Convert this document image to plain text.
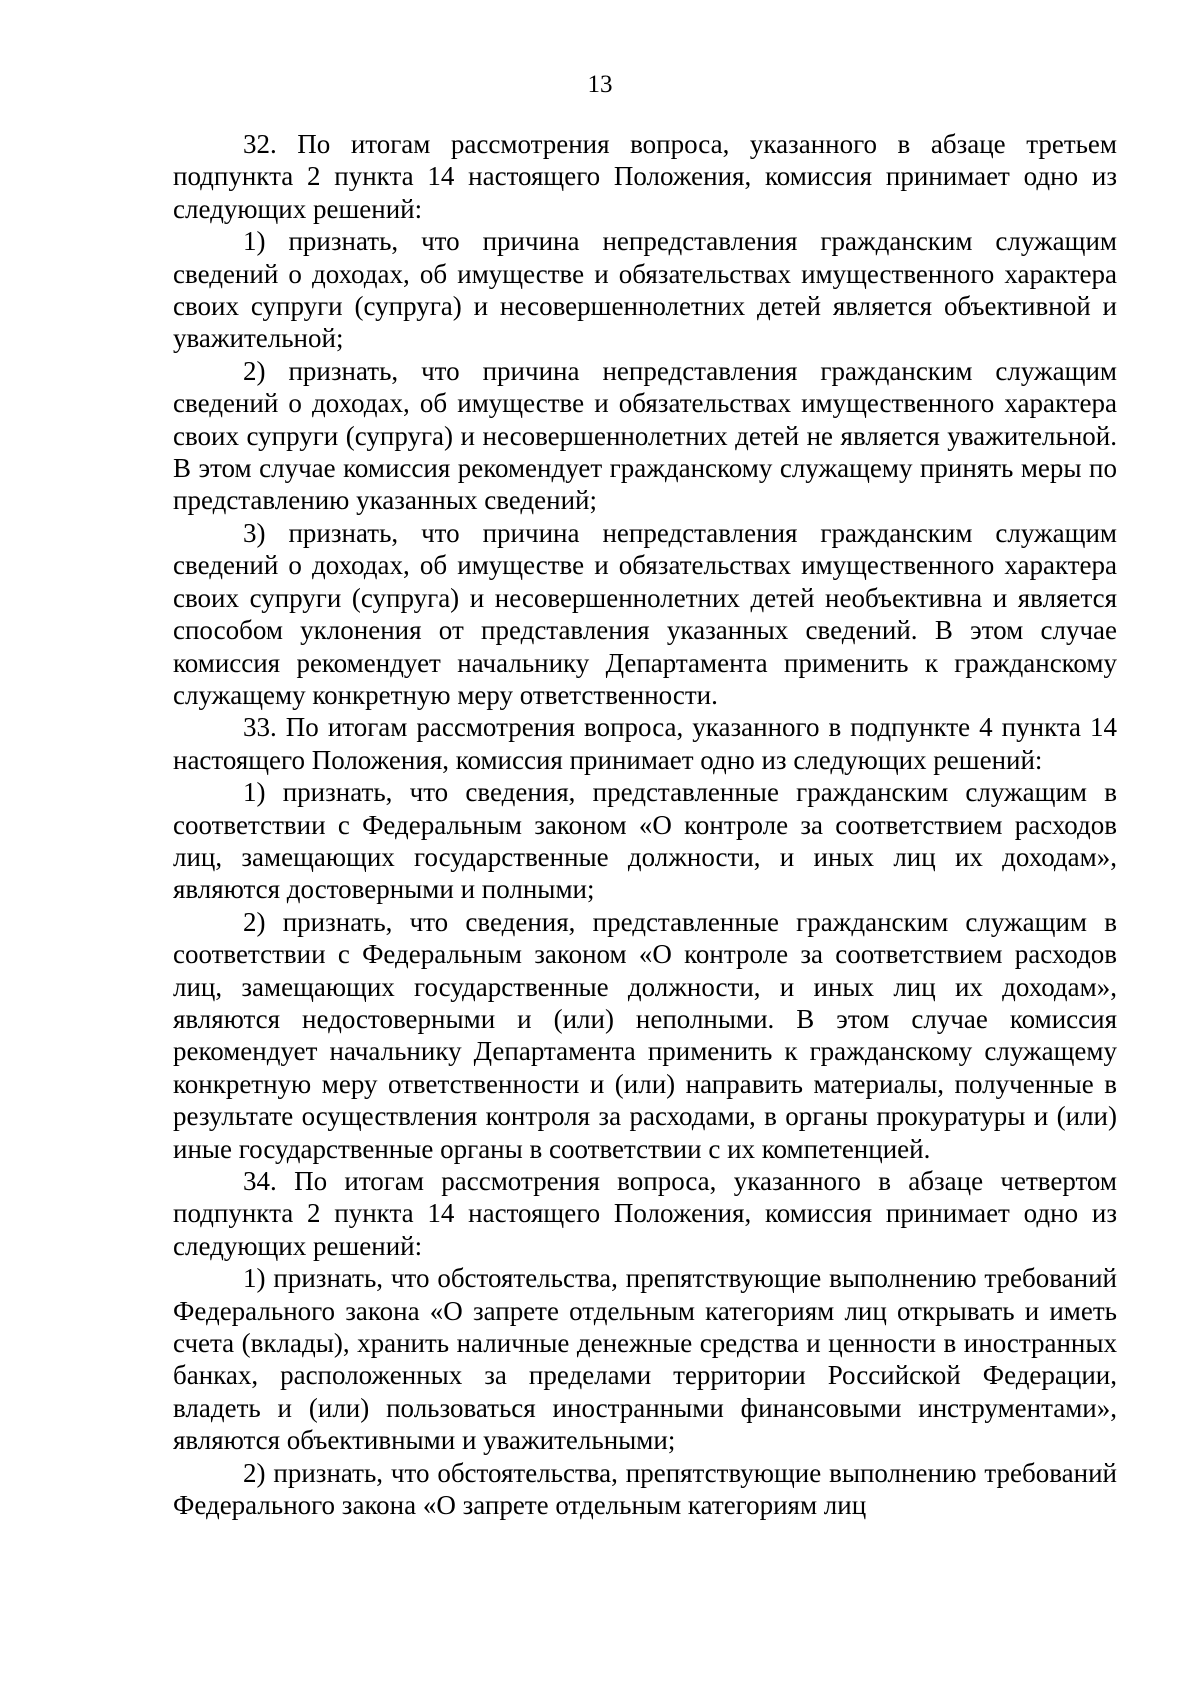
13

32. По итогам рассмотрения вопроса, указанного в абзаце третьем подпункта 2 пункта 14 настоящего Положения, комиссия принимает одно из следующих решений:

1) признать, что причина непредставления гражданским служащим сведений о доходах, об имуществе и обязательствах имущественного характера своих супруги (супруга) и несовершеннолетних детей является объективной и уважительной;

2) признать, что причина непредставления гражданским служащим сведений о доходах, об имуществе и обязательствах имущественного характера своих супруги (супруга) и несовершеннолетних детей не является уважительной. В этом случае комиссия рекомендует гражданскому служащему принять меры по представлению указанных сведений;

3) признать, что причина непредставления гражданским служащим сведений о доходах, об имуществе и обязательствах имущественного характера своих супруги (супруга) и несовершеннолетних детей необъективна и является способом уклонения от представления указанных сведений. В этом случае комиссия рекомендует начальнику Департамента применить к гражданскому служащему конкретную меру ответственности.

33. По итогам рассмотрения вопроса, указанного в подпункте 4 пункта 14 настоящего Положения, комиссия принимает одно из следующих решений:

1) признать, что сведения, представленные гражданским служащим в соответствии с Федеральным законом «О контроле за соответствием расходов лиц, замещающих государственные должности, и иных лиц их доходам», являются достоверными и полными;

2) признать, что сведения, представленные гражданским служащим в соответствии с Федеральным законом «О контроле за соответствием расходов лиц, замещающих государственные должности, и иных лиц их доходам», являются недостоверными и (или) неполными. В этом случае комиссия рекомендует начальнику Департамента применить к гражданскому служащему конкретную меру ответственности и (или) направить материалы, полученные в результате осуществления контроля за расходами, в органы прокуратуры и (или) иные государственные органы в соответствии с их компетенцией.

34. По итогам рассмотрения вопроса, указанного в абзаце четвертом подпункта 2 пункта 14 настоящего Положения, комиссия принимает одно из следующих решений:

1) признать, что обстоятельства, препятствующие выполнению требований Федерального закона «О запрете отдельным категориям лиц открывать и иметь счета (вклады), хранить наличные денежные средства и ценности в иностранных банках, расположенных за пределами территории Российской Федерации, владеть и (или) пользоваться иностранными финансовыми инструментами», являются объективными и уважительными;

2) признать, что обстоятельства, препятствующие выполнению требований Федерального закона «О запрете отдельным категориям лиц
